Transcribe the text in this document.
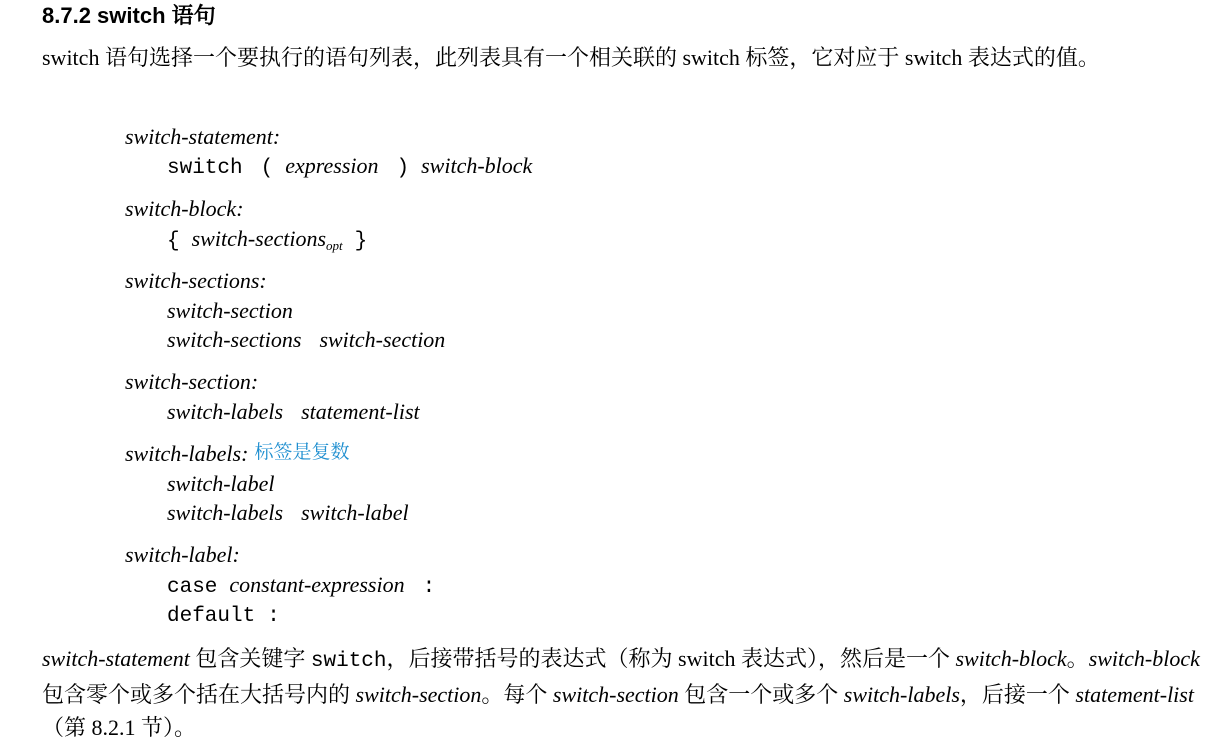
8.7.2 switch 语句

switch 语句选择一个要执行的语句列表，此列表具有一个相关联的 switch 标签，它对应于 switch 表达式的值。

switch-statement:
switch ( expression ) switch-block
switch-block:
{ switch-sections$_{opt}$ }
switch-sections:
switch-section
switch-sections switch-section
switch-section:
switch-labels statement-list
switch-labels: 标签是复数
switch-label
switch-labels switch-label
switch-label:
case constant-expression :
default :

switch-statement 包含关键字 switch，后接带括号的表达式（称为 switch 表达式），然后是一个 switch-block。switch-block 包含零个或多个括在大括号内的 switch-section。每个 switch-section 包含一个或多个 switch-labels，后接一个 statement-list（第 8.2.1 节）。
